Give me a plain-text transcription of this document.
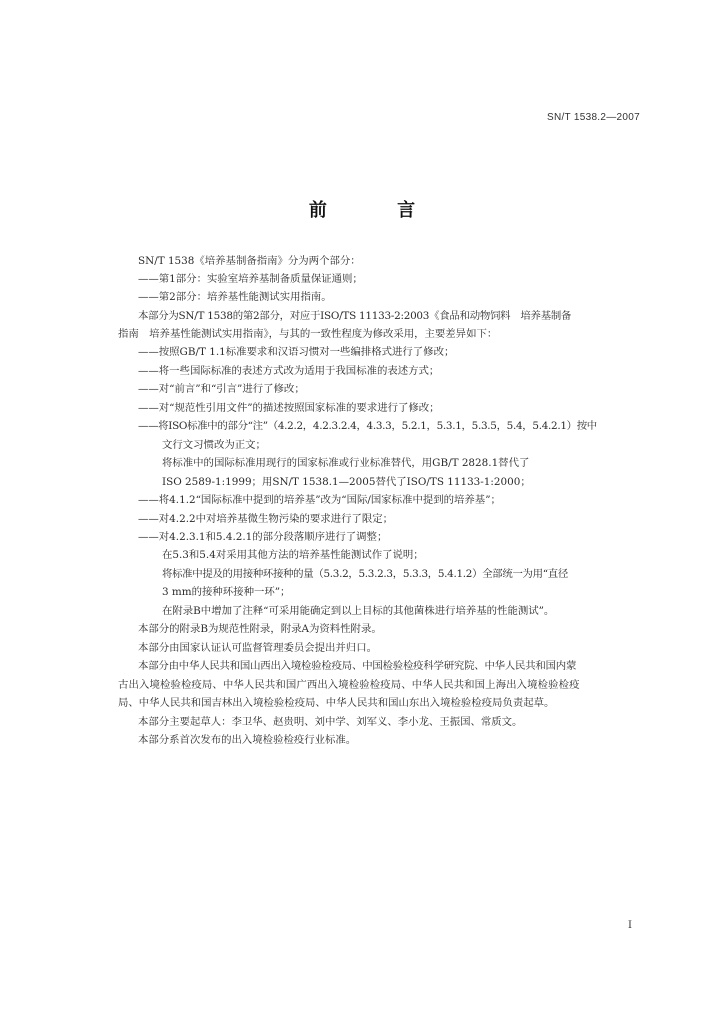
SN/T 1538.2—2007
前 言
SN/T 1538《培养基制备指南》分为两个部分：
——第1部分：实验室培养基制备质量保证通则；
——第2部分：培养基性能测试实用指南。
本部分为SN/T 1538的第2部分，对应于ISO/TS 11133-2:2003《食品和动物饲料　培养基制备
指南　培养基性能测试实用指南》，与其的一致性程度为修改采用，主要差异如下：
——按照GB/T 1.1标准要求和汉语习惯对一些编排格式进行了修改；
——将一些国际标准的表述方式改为适用于我国标准的表述方式；
——对“前言”和“引言”进行了修改；
——对“规范性引用文件”的描述按照国家标准的要求进行了修改；
——将ISO标准中的部分“注”（4.2.2，4.2.3.2.4，4.3.3，5.2.1，5.3.1，5.3.5，5.4，5.4.2.1）按中
文行文习惯改为正文；
将标准中的国际标准用现行的国家标准或行业标准替代，用GB/T 2828.1替代了
ISO 2589-1:1999；用SN/T 1538.1—2005替代了ISO/TS 11133-1:2000；
——将4.1.2“国际标准中提到的培养基”改为“国际/国家标准中提到的培养基”；
——对4.2.2中对培养基微生物污染的要求进行了限定；
——对4.2.3.1和5.4.2.1的部分段落顺序进行了调整；
在5.3和5.4对采用其他方法的培养基性能测试作了说明；
将标准中提及的用接种环接种的量（5.3.2，5.3.2.3，5.3.3，5.4.1.2）全部统一为用“直径
3 mm的接种环接种一环”；
在附录B中增加了注释“可采用能确定到以上目标的其他菌株进行培养基的性能测试”。
本部分的附录B为规范性附录，附录A为资料性附录。
本部分由国家认证认可监督管理委员会提出并归口。
本部分由中华人民共和国山西出入境检验检疫局、中国检验检疫科学研究院、中华人民共和国内蒙
古出入境检验检疫局、中华人民共和国广西出入境检验检疫局、中华人民共和国上海出入境检验检疫
局、中华人民共和国吉林出入境检验检疫局、中华人民共和国山东出入境检验检疫局负责起草。
本部分主要起草人：李卫华、赵贵明、刘中学、刘军义、李小龙、王振国、常质文。
本部分系首次发布的出入境检验检疫行业标准。
I
